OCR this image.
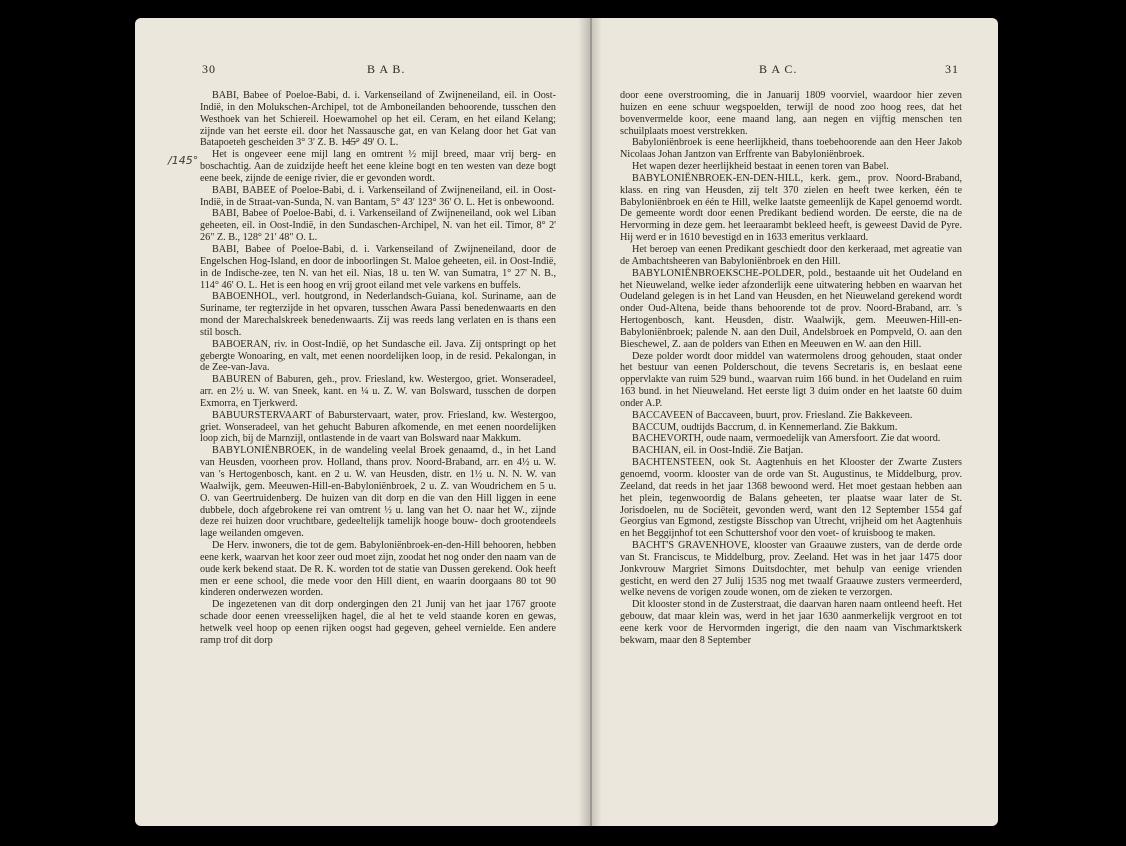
30	B A B.	B A C.	31
/145°

BABI, Babee of Poeloe-Babi, d. i. Varkenseiland of Zwijneneiland, eil. in Oost-Indië, in den Molukschen-Archipel, tot de Amboneilanden behoorende, tusschen den Westhoek van het Schiereil. Hoewamohel op het eil. Ceram, en het eiland Kelang; zijnde van het eerste eil. door het Nassausche gat, en van Kelang door het Gat van Batapoeteh gescheiden 3° 3' Z. B. 1̶4̶5̶° 49' O. L.

Het is ongeveer eene mijl lang en omtrent ½ mijl breed, maar vrij berg- en boschachtig. Aan de zuidzijde heeft het eene kleine bogt en ten westen van deze bogt eene beek, zijnde de eenige rivier, die er gevonden wordt.

BABI, BABEE of Poeloe-Babi, d. i. Varkenseiland of Zwijneneiland, eil. in Oost-Indië, in de Straat-van-Sunda, N. van Bantam, 5° 43' 123° 36' O. L. Het is onbewoond.

BABI, Babee of Poeloe-Babi, d. i. Varkenseiland of Zwijneneiland, ook wel Liban geheeten, eil. in Oost-Indië, in den Sundaschen-Archipel, N. van het eil. Timor, 8° 2' 26" Z. B., 128° 21' 48" O. L.

BABI, Babee of Poeloe-Babi, d. i. Varkenseiland of Zwijneneiland, door de Engelschen Hog-Island, en door de inboorlingen St. Maloe geheeten, eil. in Oost-Indië, in de Indische-zee, ten N. van het eil. Nias, 18 u. ten W. van Sumatra, 1° 27' N. B., 114° 46' O. L. Het is een hoog en vrij groot eiland met vele varkens en buffels.

BABOENHOL, verl. houtgrond, in Nederlandsch-Guiana, kol. Suriname, aan de Suriname, ter regterzijde in het opvaren, tusschen Awara Passi benedenwaarts en den mond der Marechalskreek benedenwaarts. Zij was reeds lang verlaten en is thans een stil bosch.

BABOERAN, riv. in Oost-Indië, op het Sundasche eil. Java. Zij ontspringt op het gebergte Wonoaring, en valt, met eenen noordelijken loop, in de resid. Pekalongan, in de Zee-van-Java.

BABUREN of Baburen, geh., prov. Friesland, kw. Westergoo, griet. Wonseradeel, arr. en 2½ u. W. van Sneek, kant. en ¼ u. Z. W. van Bolsward, tusschen de dorpen Exmorra, en Tjerkwerd.

BABUURSTERVAART of Baburstervaart, water, prov. Friesland, kw. Westergoo, griet. Wonseradeel, van het gehucht Baburen afkomende, en met eenen noordelijken loop zich, bij de Marnzijl, ontlastende in de vaart van Bolsward naar Makkum.

BABYLONIËNBROEK, in de wandeling veelal Broek genaamd, d., in het Land van Heusden, voorheen prov. Holland, thans prov. Noord-Braband, arr. en 4½ u. W. van 's Hertogenbosch, kant. en 2 u. W. van Heusden, distr. en 1½ u. N. N. W. van Waalwijk, gem. Meeuwen-Hill-en-Babyloniënbroek, 2 u. Z. van Woudrichem en 5 u. O. van Geertruidenberg. De huizen van dit dorp en die van den Hill liggen in eene dubbele, doch afgebrokene rei van omtrent ½ u. lang van het O. naar het W., zijnde deze rei huizen door vruchtbare, gedeeltelijk tamelijk hooge bouw- doch grootendeels lage weilanden omgeven.

De Herv. inwoners, die tot de gem. Babyloniënbroek-en-den-Hill behooren, hebben eene kerk, waarvan het koor zeer oud moet zijn, zoodat het nog onder den naam van de oude kerk bekend staat. De R. K. worden tot de statie van Dussen gerekend. Ook heeft men er eene school, die mede voor den Hill dient, en waarin doorgaans 80 tot 90 kinderen onderwezen worden.

De ingezetenen van dit dorp ondergingen den 21 Junij van het jaar 1767 groote schade door eenen vreesselijken hagel, die al het te veld staande koren en gewas, hetwelk veel hoop op eenen rijken oogst had gegeven, geheel vernielde. Een andere ramp trof dit dorp

door eene overstrooming, die in Januarij 1809 voorviel, waardoor hier zeven huizen en eene schuur wegspoelden, terwijl de nood zoo hoog rees, dat het bovenvermelde koor, eene maand lang, aan negen en vijftig menschen ten schuilplaats moest verstrekken.

Babyloniënbroek is eene heerlijkheid, thans toebehoorende aan den Heer Jakob Nicolaas Johan Jantzon van Erffrente van Babyloniënbroek.

Het wapen dezer heerlijkheid bestaat in eenen toren van Babel.

BABYLONIËNBROEK-EN-DEN-HILL, kerk. gem., prov. Noord-Braband, klass. en ring van Heusden, zij telt 370 zielen en heeft twee kerken, één te Babyloniënbroek en één te Hill, welke laatste gemeenlijk de Kapel genoemd wordt. De gemeente wordt door eenen Predikant bediend worden. De eerste, die na de Hervorming in deze gem. het leeraarambt bekleed heeft, is geweest David de Pyre. Hij werd er in 1610 bevestigd en in 1633 emeritus verklaard.

Het beroep van eenen Predikant geschiedt door den kerkeraad, met agreatie van de Ambachtsheeren van Babyloniënbroek en den Hill.

BABYLONIËNBROEKSCHE-POLDER, pold., bestaande uit het Oudeland en het Nieuweland, welke ieder afzonderlijk eene uitwatering hebben en waarvan het Oudeland gelegen is in het Land van Heusden, en het Nieuweland gerekend wordt onder Oud-Altena, beide thans behoorende tot de prov. Noord-Braband, arr. 's Hertogenbosch, kant. Heusden, distr. Waalwijk, gem. Meeuwen-Hill-en-Babyloniënbroek; palende N. aan den Duil, Andelsbroek en Pompveld, O. aan den Bieschewel, Z. aan de polders van Ethen en Meeuwen en W. aan den Hill.

Deze polder wordt door middel van watermolens droog gehouden, staat onder het bestuur van eenen Polderschout, die tevens Secretaris is, en beslaat eene oppervlakte van ruim 529 bund., waarvan ruim 166 bund. in het Oudeland en ruim 163 bund. in het Nieuweland. Het eerste ligt 3 duim onder en het laatste 60 duim onder A.P.

BACCAVEEN of Baccaveen, buurt, prov. Friesland. Zie Bakkeveen.

BACCUM, oudtijds Baccrum, d. in Kennemerland. Zie Bakkum.

BACHEVORTH, oude naam, vermoedelijk van Amersfoort. Zie dat woord.

BACHIAN, eil. in Oost-Indië. Zie Batjan.

BACHTENSTEEN, ook St. Aagtenhuis en het Klooster der Zwarte Zusters genoemd, voorm. klooster van de orde van St. Augustinus, te Middelburg, prov. Zeeland, dat reeds in het jaar 1368 bewoond werd. Het moet gestaan hebben aan het plein, tegenwoordig de Balans geheeten, ter plaatse waar later de St. Jorisdoelen, nu de Sociëteit, gevonden werd, want den 12 September 1554 gaf Georgius van Egmond, zestigste Bisschop van Utrecht, vrijheid om het Aagtenhuis en het Beggijnhof tot een Schuttershof voor den voet- of kruisboog te maken.

BACHT'S GRAVENHOVE, klooster van Graauwe zusters, van de derde orde van St. Franciscus, te Middelburg, prov. Zeeland. Het was in het jaar 1475 door Jonkvrouw Margriet Simons Duitsdochter, met behulp van eenige vrienden gesticht, en werd den 27 Julij 1535 nog met twaalf Graauwe zusters vermeerderd, welke nevens de vorigen zoude wonen, om de zieken te verzorgen.

Dit klooster stond in de Zusterstraat, die daarvan haren naam ontleend heeft. Het gebouw, dat maar klein was, werd in het jaar 1630 aanmerkelijk vergroot en tot eene kerk voor de Hervormden ingerigt, die den naam van Vischmarktskerk bekwam, maar den 8 September
